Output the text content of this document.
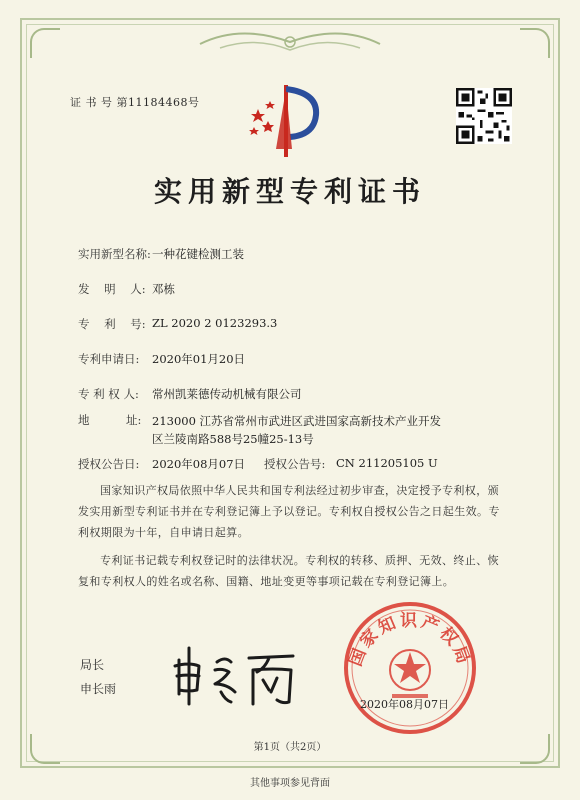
证 书 号 第11184468号
实用新型专利证书
实用新型名称: 一种花键检测工装
发    明    人: 邓栋
专    利    号: ZL 2020 2 0123293.3
专利申请日:	2020年01月20日
专 利 权 人:	常州凯莱德传动机械有限公司
地          址: 213000 江苏省常州市武进区武进国家高新技术产业开发区兰陵南路588号25幢25-13号
授权公告日:	2020年08月07日	授权公告号: CN 211205105 U
国家知识产权局依照中华人民共和国专利法经过初步审查，决定授予专利权，颁发实用新型专利证书并在专利登记簿上予以登记。专利权自授权公告之日起生效。专利权期限为十年，自申请日起算。
专利证书记载专利权登记时的法律状况。专利权的转移、质押、无效、终止、恢复和专利权人的姓名或名称、国籍、地址变更等事项记载在专利登记簿上。
局长
申长雨
国家知识产权局
2020年08月07日
第1页（共2页）
其他事项参见背面
